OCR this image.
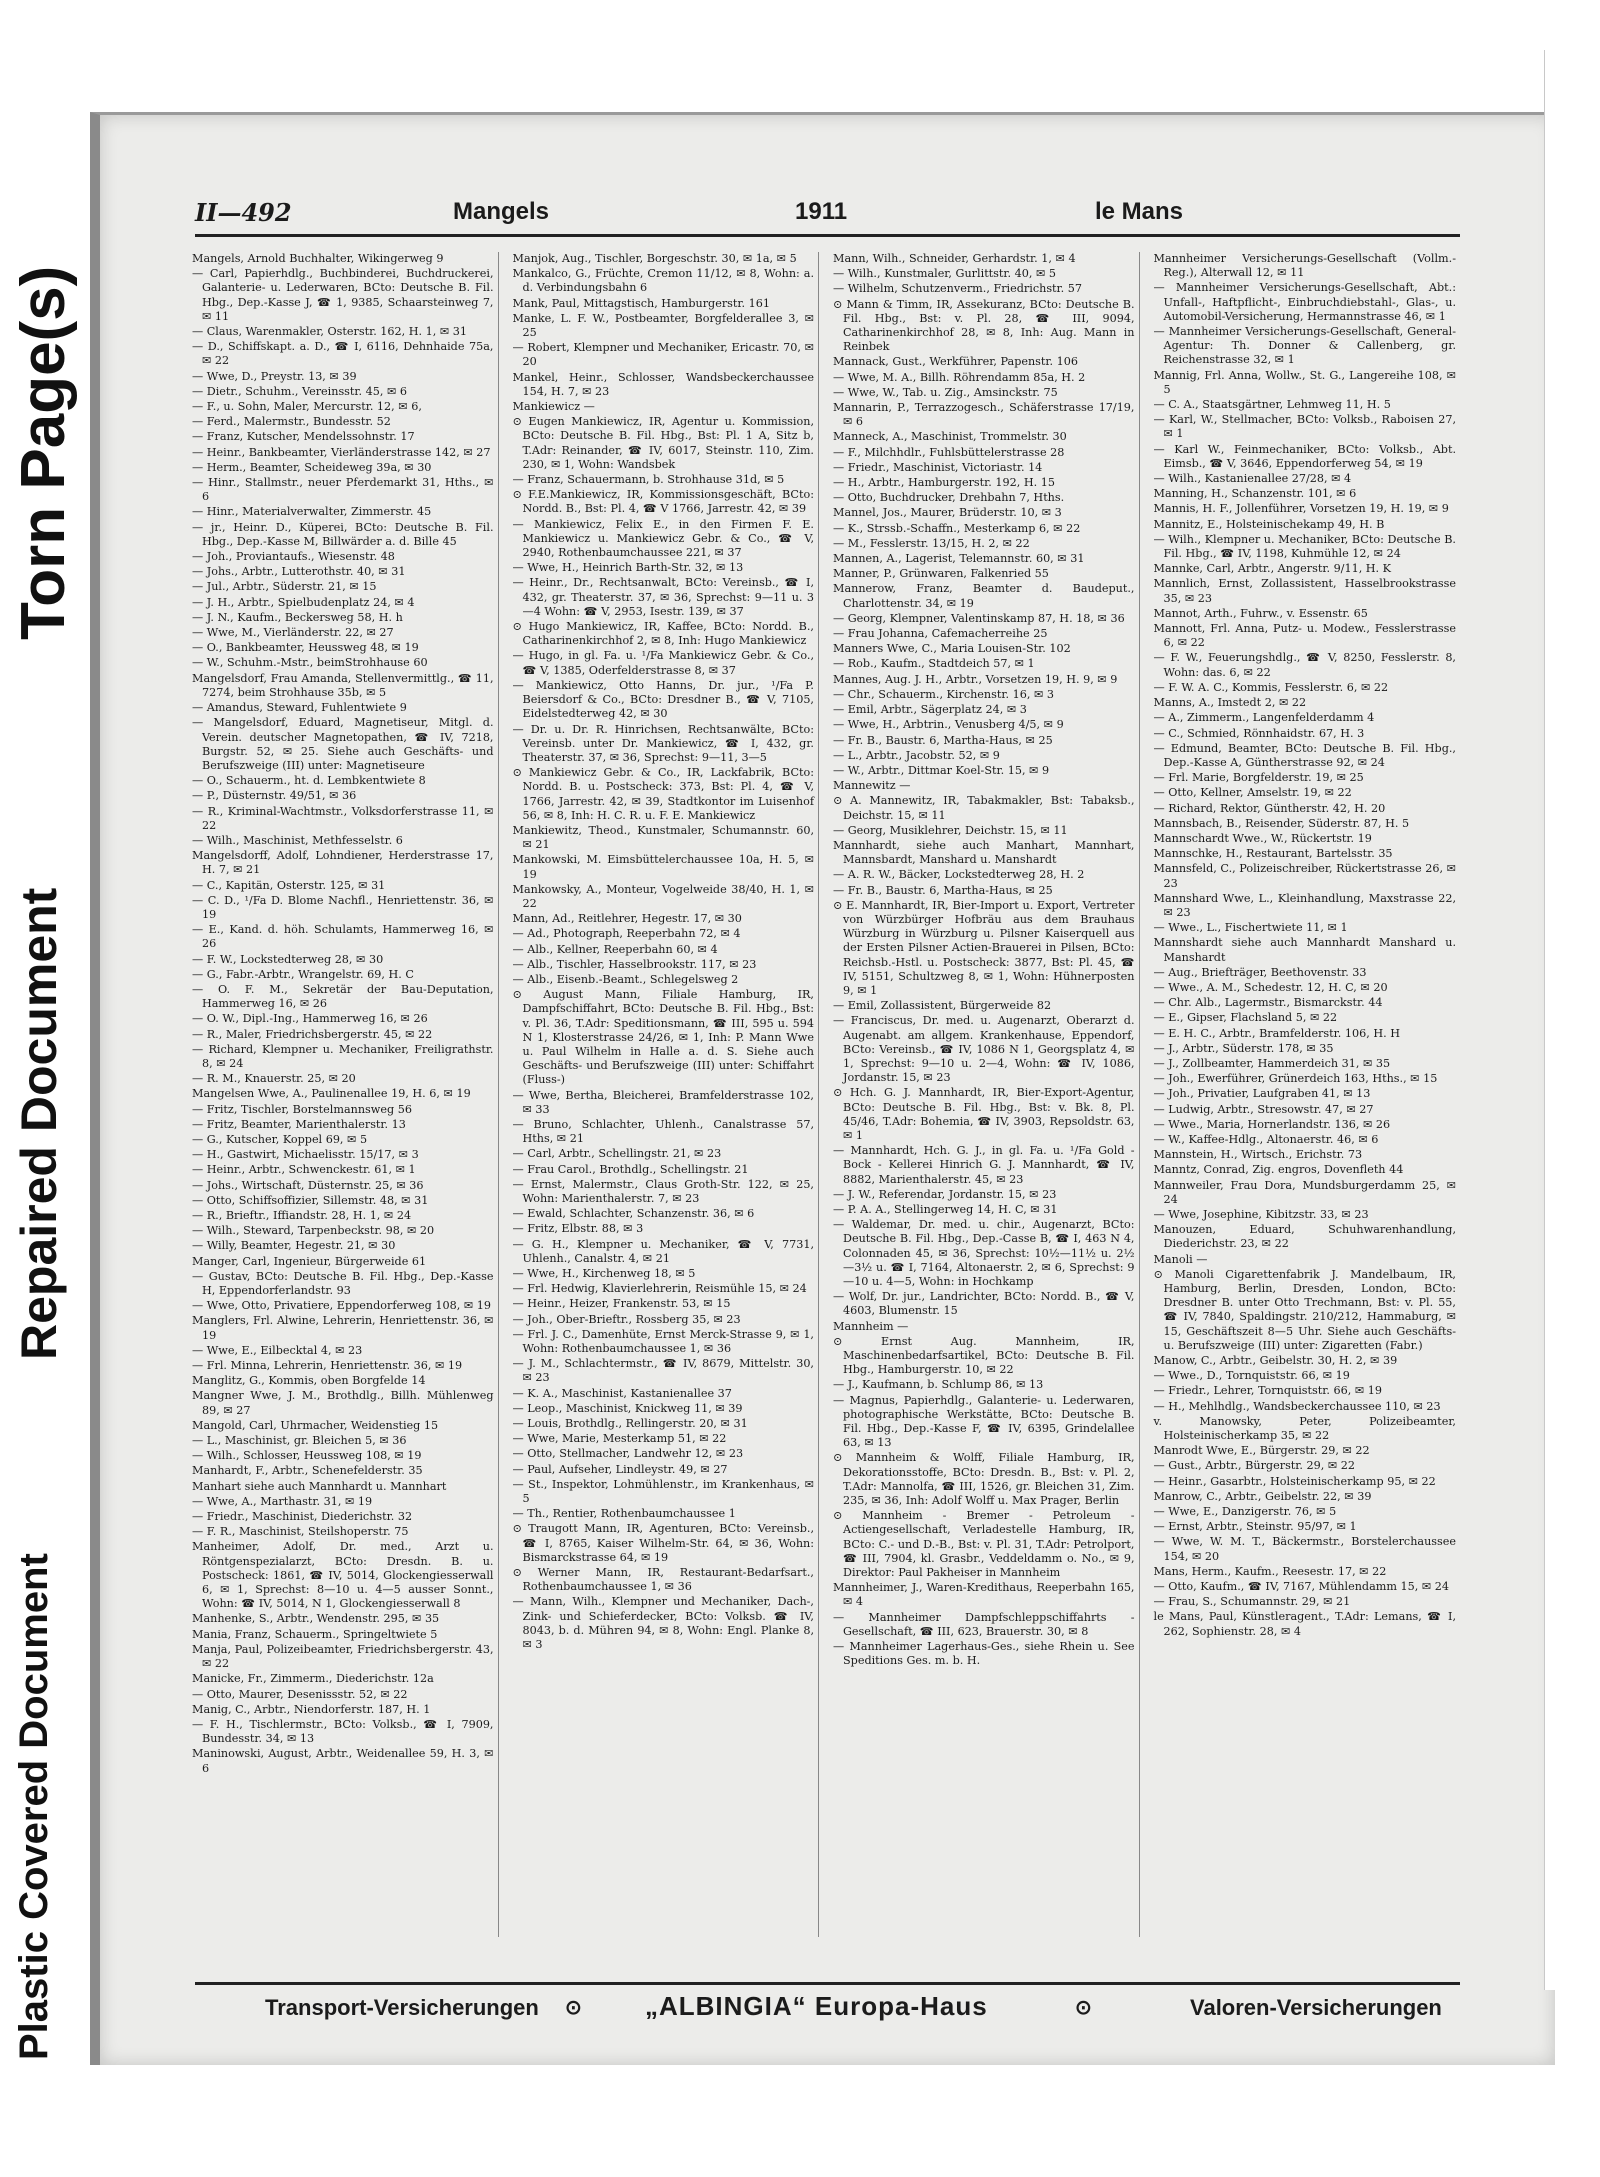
Torn Page(s)
Repaired Document
Plastic Covered Document
II—492	Mangels	1911	le Mans

Mangels, Arnold Buchhalter, Wikingerweg 9

— Carl, Papierhdlg., Buchbinderei, Buchdruckerei, Galanterie- u. Lederwaren, BCto: Deutsche B. Fil. Hbg., Dep.-Kasse J, ☎ 1, 9385, Schaarsteinweg 7, ✉ 11

— Claus, Warenmakler, Osterstr. 162, H. 1, ✉ 31

— D., Schiffskapt. a. D., ☎ I, 6116, Dehnhaide 75a, ✉ 22

— Wwe, D., Preystr. 13, ✉ 39

— Dietr., Schuhm., Vereinsstr. 45, ✉ 6

— F., u. Sohn, Maler, Mercurstr. 12, ✉ 6,

— Ferd., Malermstr., Bundesstr. 52

— Franz, Kutscher, Mendelssohnstr. 17

— Heinr., Bankbeamter, Vierländerstrasse 142, ✉ 27

— Herm., Beamter, Scheideweg 39a, ✉ 30

— Hinr., Stallmstr., neuer Pferdemarkt 31, Hths., ✉ 6

— Hinr., Materialverwalter, Zimmerstr. 45

— jr., Heinr. D., Küperei, BCto: Deutsche B. Fil. Hbg., Dep.-Kasse M, Billwärder a. d. Bille 45

— Joh., Proviantaufs., Wiesenstr. 48

— Johs., Arbtr., Lutterothstr. 40, ✉ 31

— Jul., Arbtr., Süderstr. 21, ✉ 15

— J. H., Arbtr., Spielbudenplatz 24, ✉ 4

— J. N., Kaufm., Beckersweg 58, H. h

— Wwe, M., Vierländerstr. 22, ✉ 27

— O., Bankbeamter, Heussweg 48, ✉ 19

— W., Schuhm.-Mstr., beimStrohhause 60

Mangelsdorf, Frau Amanda, Stellenvermittlg., ☎ 11, 7274, beim Strohhause 35b, ✉ 5

— Amandus, Steward, Fuhlentwiete 9

— Mangelsdorf, Eduard, Magnetiseur, Mitgl. d. Verein. deutscher Magnetopathen, ☎ IV, 7218, Burgstr. 52, ✉ 25. Siehe auch Geschäfts- und Berufszweige (III) unter: Magnetiseure

— O., Schauerm., ht. d. Lembkentwiete 8

— P., Düsternstr. 49/51, ✉ 36

— R., Kriminal-Wachtmstr., Volksdorferstrasse 11, ✉ 22

— Wilh., Maschinist, Methfesselstr. 6

Mangelsdorff, Adolf, Lohndiener, Herderstrasse 17, H. 7, ✉ 21

— C., Kapitän, Osterstr. 125, ✉ 31

— C. D., ¹/Fa D. Blome Nachfl., Henriettenstr. 36, ✉ 19

— E., Kand. d. höh. Schulamts, Hammerweg 16, ✉ 26

— F. W., Lockstedterweg 28, ✉ 30

— G., Fabr.-Arbtr., Wrangelstr. 69, H. C

— O. F. M., Sekretär der Bau-Deputation, Hammerweg 16, ✉ 26

— O. W., Dipl.-Ing., Hammerweg 16, ✉ 26

— R., Maler, Friedrichsbergerstr. 45, ✉ 22

— Richard, Klempner u. Mechaniker, Freiligrathstr. 8, ✉ 24

— R. M., Knauerstr. 25, ✉ 20

Mangelsen Wwe, A., Paulinenallee 19, H. 6, ✉ 19

— Fritz, Tischler, Borstelmannsweg 56

— Fritz, Beamter, Marienthalerstr. 13

— G., Kutscher, Koppel 69, ✉ 5

— H., Gastwirt, Michaelisstr. 15/17, ✉ 3

— Heinr., Arbtr., Schwenckestr. 61, ✉ 1

— Johs., Wirtschaft, Düsternstr. 25, ✉ 36

— Otto, Schiffsoffizier, Sillemstr. 48, ✉ 31

— R., Brieftr., Iffiandstr. 28, H. 1, ✉ 24

— Wilh., Steward, Tarpenbeckstr. 98, ✉ 20

— Willy, Beamter, Hegestr. 21, ✉ 30

Manger, Carl, Ingenieur, Bürgerweide 61

— Gustav, BCto: Deutsche B. Fil. Hbg., Dep.-Kasse H, Eppendorferlandstr. 93

— Wwe, Otto, Privatiere, Eppendorferweg 108, ✉ 19

Manglers, Frl. Alwine, Lehrerin, Henriettenstr. 36, ✉ 19

— Wwe, E., Eilbecktal 4, ✉ 23

— Frl. Minna, Lehrerin, Henriettenstr. 36, ✉ 19

Manglitz, G., Kommis, oben Borgfelde 14

Mangner Wwe, J. M., Brothdlg., Billh. Mühlenweg 89, ✉ 27

Mangold, Carl, Uhrmacher, Weidenstieg 15

— L., Maschinist, gr. Bleichen 5, ✉ 36

— Wilh., Schlosser, Heussweg 108, ✉ 19

Manhardt, F., Arbtr., Schenefelderstr. 35

Manhart siehe auch Mannhardt u. Mannhart

— Wwe, A., Marthastr. 31, ✉ 19

— Friedr., Maschinist, Diederichstr. 32

— F. R., Maschinist, Steilshoperstr. 75

Manheimer, Adolf, Dr. med., Arzt u. Röntgenspezialarzt, BCto: Dresdn. B. u. Postscheck: 1861, ☎ IV, 5014, Glockengiesserwall 6, ✉ 1, Sprechst: 8—10 u. 4—5 ausser Sonnt., Wohn: ☎ IV, 5014, N 1, Glockengiesserwall 8

Manhenke, S., Arbtr., Wendenstr. 295, ✉ 35

Mania, Franz, Schauerm., Springeltwiete 5

Manja, Paul, Polizeibeamter, Friedrichsbergerstr. 43, ✉ 22

Manicke, Fr., Zimmerm., Diederichstr. 12a

— Otto, Maurer, Desenissstr. 52, ✉ 22

Manig, C., Arbtr., Niendorferstr. 187, H. 1

— F. H., Tischlermstr., BCto: Volksb., ☎ I, 7909, Bundesstr. 34, ✉ 13

Maninowski, August, Arbtr., Weidenallee 59, H. 3, ✉ 6

Manjok, Aug., Tischler, Borgeschstr. 30, ✉ 1a, ✉ 5

Mankalco, G., Früchte, Cremon 11/12, ✉ 8, Wohn: a. d. Verbindungsbahn 6

Mank, Paul, Mittagstisch, Hamburgerstr. 161

Manke, L. F. W., Postbeamter, Borgfelderallee 3, ✉ 25

— Robert, Klempner und Mechaniker, Ericastr. 70, ✉ 20

Mankel, Heinr., Schlosser, Wandsbeckerchaussee 154, H. 7, ✉ 23

Mankiewicz —

⊙ Eugen Mankiewicz, IR, Agentur u. Kommission, BCto: Deutsche B. Fil. Hbg., Bst: Pl. 1 A, Sitz b, T.Adr: Reinander, ☎ IV, 6017, Steinstr. 110, Zim. 230, ✉ 1, Wohn: Wandsbek

— Franz, Schauermann, b. Strohhause 31d, ✉ 5

⊙ F.E.Mankiewicz, IR, Kommissionsgeschäft, BCto: Nordd. B., Bst: Pl. 4, ☎ V 1766, Jarrestr. 42, ✉ 39

— Mankiewicz, Felix E., in den Firmen F. E. Mankiewicz u. Mankiewicz Gebr. & Co., ☎ V, 2940, Rothenbaumchaussee 221, ✉ 37

— Wwe, H., Heinrich Barth-Str. 32, ✉ 13

— Heinr., Dr., Rechtsanwalt, BCto: Vereinsb., ☎ I, 432, gr. Theaterstr. 37, ✉ 36, Sprechst: 9—11 u. 3—4 Wohn: ☎ V, 2953, Isestr. 139, ✉ 37

⊙ Hugo Mankiewicz, IR, Kaffee, BCto: Nordd. B., Catharinenkirchhof 2, ✉ 8, Inh: Hugo Mankiewicz

— Hugo, in gl. Fa. u. ¹/Fa Mankiewicz Gebr. & Co., ☎ V, 1385, Oderfelderstrasse 8, ✉ 37

— Mankiewicz, Otto Hanns, Dr. jur., ¹/Fa P. Beiersdorf & Co., BCto: Dresdner B., ☎ V, 7105, Eidelstedterweg 42, ✉ 30

— Dr. u. Dr. R. Hinrichsen, Rechtsanwälte, BCto: Vereinsb. unter Dr. Mankiewicz, ☎ I, 432, gr. Theaterstr. 37, ✉ 36, Sprechst: 9—11, 3—5

⊙ Mankiewicz Gebr. & Co., IR, Lackfabrik, BCto: Nordd. B. u. Postscheck: 373, Bst: Pl. 4, ☎ V, 1766, Jarrestr. 42, ✉ 39, Stadtkontor im Luisenhof 56, ✉ 8, Inh: H. C. R. u. F. E. Mankiewicz

Mankiewitz, Theod., Kunstmaler, Schumannstr. 60, ✉ 21

Mankowski, M. Eimsbüttelerchaussee 10a, H. 5, ✉ 19

Mankowsky, A., Monteur, Vogelweide 38/40, H. 1, ✉ 22

Mann, Ad., Reitlehrer, Hegestr. 17, ✉ 30

— Ad., Photograph, Reeperbahn 72, ✉ 4

— Alb., Kellner, Reeperbahn 60, ✉ 4

— Alb., Tischler, Hasselbrookstr. 117, ✉ 23

— Alb., Eisenb.-Beamt., Schlegelsweg 2

⊙ August Mann, Filiale Hamburg, IR, Dampfschiffahrt, BCto: Deutsche B. Fil. Hbg., Bst: v. Pl. 36, T.Adr: Speditionsmann, ☎ III, 595 u. 594 N 1, Klosterstrasse 24/26, ✉ 1, Inh: P. Mann Wwe u. Paul Wilhelm in Halle a. d. S. Siehe auch Geschäfts- und Berufszweige (III) unter: Schiffahrt (Fluss-)

— Wwe, Bertha, Bleicherei, Bramfelderstrasse 102, ✉ 33

— Bruno, Schlachter, Uhlenh., Canalstrasse 57, Hths, ✉ 21

— Carl, Arbtr., Schellingstr. 21, ✉ 23

— Frau Carol., Brothdlg., Schellingstr. 21

— Ernst, Malermstr., Claus Groth-Str. 122, ✉ 25, Wohn: Marienthalerstr. 7, ✉ 23

— Ewald, Schlachter, Schanzenstr. 36, ✉ 6

— Fritz, Elbstr. 88, ✉ 3

— G. H., Klempner u. Mechaniker, ☎ V, 7731, Uhlenh., Canalstr. 4, ✉ 21

— Wwe, H., Kirchenweg 18, ✉ 5

— Frl. Hedwig, Klavierlehrerin, Reismühle 15, ✉ 24

— Heinr., Heizer, Frankenstr. 53, ✉ 15

— Joh., Ober-Brieftr., Rossberg 35, ✉ 23

— Frl. J. C., Damenhüte, Ernst Merck-Strasse 9, ✉ 1, Wohn: Rothenbaumchaussee 1, ✉ 36

— J. M., Schlachtermstr., ☎ IV, 8679, Mittelstr. 30, ✉ 23

— K. A., Maschinist, Kastanienallee 37

— Leop., Maschinist, Knickweg 11, ✉ 39

— Louis, Brothdlg., Rellingerstr. 20, ✉ 31

— Wwe, Marie, Mesterkamp 51, ✉ 22

— Otto, Stellmacher, Landwehr 12, ✉ 23

— Paul, Aufseher, Lindleystr. 49, ✉ 27

— St., Inspektor, Lohmühlenstr., im Krankenhaus, ✉ 5

— Th., Rentier, Rothenbaumchaussee 1

⊙ Traugott Mann, IR, Agenturen, BCto: Vereinsb., ☎ I, 8765, Kaiser Wilhelm-Str. 64, ✉ 36, Wohn: Bismarckstrasse 64, ✉ 19

⊙ Werner Mann, IR, Restaurant-Bedarfsart., Rothenbaumchaussee 1, ✉ 36

— Mann, Wilh., Klempner und Mechaniker, Dach-, Zink- und Schieferdecker, BCto: Volksb. ☎ IV, 8043, b. d. Mühren 94, ✉ 8, Wohn: Engl. Planke 8, ✉ 3

Mann, Wilh., Schneider, Gerhardstr. 1, ✉ 4

— Wilh., Kunstmaler, Gurlittstr. 40, ✉ 5

— Wilhelm, Schutzenverm., Friedrichstr. 57

⊙ Mann & Timm, IR, Assekuranz, BCto: Deutsche B. Fil. Hbg., Bst: v. Pl. 28, ☎ III, 9094, Catharinenkirchhof 28, ✉ 8, Inh: Aug. Mann in Reinbek

Mannack, Gust., Werkführer, Papenstr. 106

— Wwe, M. A., Billh. Röhrendamm 85a, H. 2

— Wwe, W., Tab. u. Zig., Amsinckstr. 75

Mannarin, P., Terrazzogesch., Schäferstrasse 17/19, ✉ 6

Manneck, A., Maschinist, Trommelstr. 30

— F., Milchhdlr., Fuhlsbüttelerstrasse 28

— Friedr., Maschinist, Victoriastr. 14

— H., Arbtr., Hamburgerstr. 192, H. 15

— Otto, Buchdrucker, Drehbahn 7, Hths.

Mannel, Jos., Maurer, Brüderstr. 10, ✉ 3

— K., Strssb.-Schaffn., Mesterkamp 6, ✉ 22

— M., Fesslerstr. 13/15, H. 2, ✉ 22

Mannen, A., Lagerist, Telemannstr. 60, ✉ 31

Manner, P., Grünwaren, Falkenried 55

Mannerow, Franz, Beamter d. Baudeput., Charlottenstr. 34, ✉ 19

— Georg, Klempner, Valentinskamp 87, H. 18, ✉ 36

— Frau Johanna, Cafemacherreihe 25

Manners Wwe, C., Maria Louisen-Str. 102

— Rob., Kaufm., Stadtdeich 57, ✉ 1

Mannes, Aug. J. H., Arbtr., Vorsetzen 19, H. 9, ✉ 9

— Chr., Schauerm., Kirchenstr. 16, ✉ 3

— Emil, Arbtr., Sägerplatz 24, ✉ 3

— Wwe, H., Arbtrin., Venusberg 4/5, ✉ 9

— Fr. B., Baustr. 6, Martha-Haus, ✉ 25

— L., Arbtr., Jacobstr. 52, ✉ 9

— W., Arbtr., Dittmar Koel-Str. 15, ✉ 9

Mannewitz —

⊙ A. Mannewitz, IR, Tabakmakler, Bst: Tabaksb., Deichstr. 15, ✉ 11

— Georg, Musiklehrer, Deichstr. 15, ✉ 11

Mannhardt, siehe auch Manhart, Mannhart, Mannsbardt, Manshard u. Manshardt

— A. R. W., Bäcker, Lockstedterweg 28, H. 2

— Fr. B., Baustr. 6, Martha-Haus, ✉ 25

⊙ E. Mannhardt, IR, Bier-Import u. Export, Vertreter von Würzbürger Hofbräu aus dem Brauhaus Würzburg in Würzburg u. Pilsner Kaiserquell aus der Ersten Pilsner Actien-Brauerei in Pilsen, BCto: Reichsb.-Hstl. u. Postscheck: 3877, Bst: Pl. 45, ☎ IV, 5151, Schultzweg 8, ✉ 1, Wohn: Hühnerposten 9, ✉ 1

— Emil, Zollassistent, Bürgerweide 82

— Franciscus, Dr. med. u. Augenarzt, Oberarzt d. Augenabt. am allgem. Krankenhause, Eppendorf, BCto: Vereinsb., ☎ IV, 1086 N 1, Georgsplatz 4, ✉ 1, Sprechst: 9—10 u. 2—4, Wohn: ☎ IV, 1086, Jordanstr. 15, ✉ 23

⊙ Hch. G. J. Mannhardt, IR, Bier-Export-Agentur, BCto: Deutsche B. Fil. Hbg., Bst: v. Bk. 8, Pl. 45/46, T.Adr: Bohemia, ☎ IV, 3903, Repsoldstr. 63, ✉ 1

— Mannhardt, Hch. G. J., in gl. Fa. u. ¹/Fa Gold - Bock - Kellerei Hinrich G. J. Mannhardt, ☎ IV, 8882, Marienthalerstr. 45, ✉ 23

— J. W., Referendar, Jordanstr. 15, ✉ 23

— P. A. A., Stellingerweg 14, H. C, ✉ 31

— Waldemar, Dr. med. u. chir., Augenarzt, BCto: Deutsche B. Fil. Hbg., Dep.-Casse B, ☎ I, 463 N 4, Colonnaden 45, ✉ 36, Sprechst: 10½—11½ u. 2½—3½ u. ☎ I, 7164, Altonaerstr. 2, ✉ 6, Sprechst: 9—10 u. 4—5, Wohn: in Hochkamp

— Wolf, Dr. jur., Landrichter, BCto: Nordd. B., ☎ V, 4603, Blumenstr. 15

Mannheim —

⊙ Ernst Aug. Mannheim, IR, Maschinenbedarfsartikel, BCto: Deutsche B. Fil. Hbg., Hamburgerstr. 10, ✉ 22

— J., Kaufmann, b. Schlump 86, ✉ 13

— Magnus, Papierhdlg., Galanterie- u. Lederwaren, photographische Werkstätte, BCto: Deutsche B. Fil. Hbg., Dep.-Kasse F, ☎ IV, 6395, Grindelallee 63, ✉ 13

⊙ Mannheim & Wolff, Filiale Hamburg, IR, Dekorationsstoffe, BCto: Dresdn. B., Bst: v. Pl. 2, T.Adr: Mannolfa, ☎ III, 1526, gr. Bleichen 31, Zim. 235, ✉ 36, Inh: Adolf Wolff u. Max Prager, Berlin

⊙ Mannheim - Bremer - Petroleum - Actiengesellschaft, Verladestelle Hamburg, IR, BCto: C.- und D.-B., Bst: v. Pl. 31, T.Adr: Petrolport, ☎ III, 7904, kl. Grasbr., Veddeldamm o. No., ✉ 9, Direktor: Paul Pakheiser in Mannheim

Mannheimer, J., Waren-Kredithaus, Reeperbahn 165, ✉ 4

— Mannheimer Dampfschleppschiffahrts - Gesellschaft, ☎ III, 623, Brauerstr. 30, ✉ 8

— Mannheimer Lagerhaus-Ges., siehe Rhein u. See Speditions Ges. m. b. H.

Mannheimer Versicherungs-Gesellschaft (Vollm.-Reg.), Alterwall 12, ✉ 11

— Mannheimer Versicherungs-Gesellschaft, Abt.: Unfall-, Haftpflicht-, Einbruchdiebstahl-, Glas-, u. Automobil-Versicherung, Hermannstrasse 46, ✉ 1

— Mannheimer Versicherungs-Gesellschaft, General-Agentur: Th. Donner & Callenberg, gr. Reichenstrasse 32, ✉ 1

Mannig, Frl. Anna, Wollw., St. G., Langereihe 108, ✉ 5

— C. A., Staatsgärtner, Lehmweg 11, H. 5

— Karl, W., Stellmacher, BCto: Volksb., Raboisen 27, ✉ 1

— Karl W., Feinmechaniker, BCto: Volksb., Abt. Eimsb., ☎ V, 3646, Eppendorferweg 54, ✉ 19

— Wilh., Kastanienallee 27/28, ✉ 4

Manning, H., Schanzenstr. 101, ✉ 6

Mannis, H. F., Jollenführer, Vorsetzen 19, H. 19, ✉ 9

Mannitz, E., Holsteinischekamp 49, H. B

— Wilh., Klempner u. Mechaniker, BCto: Deutsche B. Fil. Hbg., ☎ IV, 1198, Kuhmühle 12, ✉ 24

Mannke, Carl, Arbtr., Angerstr. 9/11, H. K

Mannlich, Ernst, Zollassistent, Hasselbrookstrasse 35, ✉ 23

Mannot, Arth., Fuhrw., v. Essenstr. 65

Mannott, Frl. Anna, Putz- u. Modew., Fesslerstrasse 6, ✉ 22

— F. W., Feuerungshdlg., ☎ V, 8250, Fesslerstr. 8, Wohn: das. 6, ✉ 22

— F. W. A. C., Kommis, Fesslerstr. 6, ✉ 22

Manns, A., Imstedt 2, ✉ 22

— A., Zimmerm., Langenfelderdamm 4

— C., Schmied, Rönnhaidstr. 67, H. 3

— Edmund, Beamter, BCto: Deutsche B. Fil. Hbg., Dep.-Kasse A, Güntherstrasse 92, ✉ 24

— Frl. Marie, Borgfelderstr. 19, ✉ 25

— Otto, Kellner, Amselstr. 19, ✉ 22

— Richard, Rektor, Güntherstr. 42, H. 20

Mannsbach, B., Reisender, Süderstr. 87, H. 5

Mannschardt Wwe., W., Rückertstr. 19

Mannschke, H., Restaurant, Bartelsstr. 35

Mannsfeld, C., Polizeischreiber, Rückertstrasse 26, ✉ 23

Mannshard Wwe, L., Kleinhandlung, Maxstrasse 22, ✉ 23

— Wwe., L., Fischertwiete 11, ✉ 1

Mannshardt siehe auch Mannhardt Manshard u. Manshardt

— Aug., Briefträger, Beethovenstr. 33

— Wwe., A. M., Schedestr. 12, H. C, ✉ 20

— Chr. Alb., Lagermstr., Bismarckstr. 44

— E., Gipser, Flachsland 5, ✉ 22

— E. H. C., Arbtr., Bramfelderstr. 106, H. H

— J., Arbtr., Süderstr. 178, ✉ 35

— J., Zollbeamter, Hammerdeich 31, ✉ 35

— Joh., Ewerführer, Grünerdeich 163, Hths., ✉ 15

— Joh., Privatier, Laufgraben 41, ✉ 13

— Ludwig, Arbtr., Stresowstr. 47, ✉ 27

— Wwe., Maria, Hornerlandstr. 136, ✉ 26

— W., Kaffee-Hdlg., Altonaerstr. 46, ✉ 6

Mannstein, H., Wirtsch., Erichstr. 73

Manntz, Conrad, Zig. engros, Dovenfleth 44

Mannweiler, Frau Dora, Mundsburgerdamm 25, ✉ 24

— Wwe, Josephine, Kibitzstr. 33, ✉ 23

Manouzen, Eduard, Schuhwarenhandlung, Diederichstr. 23, ✉ 22

Manoli —

⊙ Manoli Cigarettenfabrik J. Mandelbaum, IR, Hamburg, Berlin, Dresden, London, BCto: Dresdner B. unter Otto Trechmann, Bst: v. Pl. 55, ☎ IV, 7840, Spaldingstr. 210/212, Hammaburg, ✉ 15, Geschäftszeit 8—5 Uhr. Siehe auch Geschäfts- u. Berufszweige (III) unter: Zigaretten (Fabr.)

Manow, C., Arbtr., Geibelstr. 30, H. 2, ✉ 39

— Wwe., D., Tornquiststr. 66, ✉ 19

— Friedr., Lehrer, Tornquiststr. 66, ✉ 19

— H., Mehlhdlg., Wandsbeckerchaussee 110, ✉ 23

v. Manowsky, Peter, Polizeibeamter, Holsteinischerkamp 35, ✉ 22

Manrodt Wwe, E., Bürgerstr. 29, ✉ 22

— Gust., Arbtr., Bürgerstr. 29, ✉ 22

— Heinr., Gasarbtr., Holsteinischerkamp 95, ✉ 22

Manrow, C., Arbtr., Geibelstr. 22, ✉ 39

— Wwe, E., Danzigerstr. 76, ✉ 5

— Ernst, Arbtr., Steinstr. 95/97, ✉ 1

— Wwe, W. M. T., Bäckermstr., Borstelerchaussee 154, ✉ 20

Mans, Herm., Kaufm., Reesestr. 17, ✉ 22

— Otto, Kaufm., ☎ IV, 7167, Mühlendamm 15, ✉ 24

— Frau, S., Schumannstr. 29, ✉ 21

le Mans, Paul, Künstleragent., T.Adr: Lemans, ☎ I, 262, Sophienstr. 28, ✉ 4

Transport-Versicherungen ⊙ „ALBINGIA“ Europa-Haus	⊙	Valoren-Versicherungen
